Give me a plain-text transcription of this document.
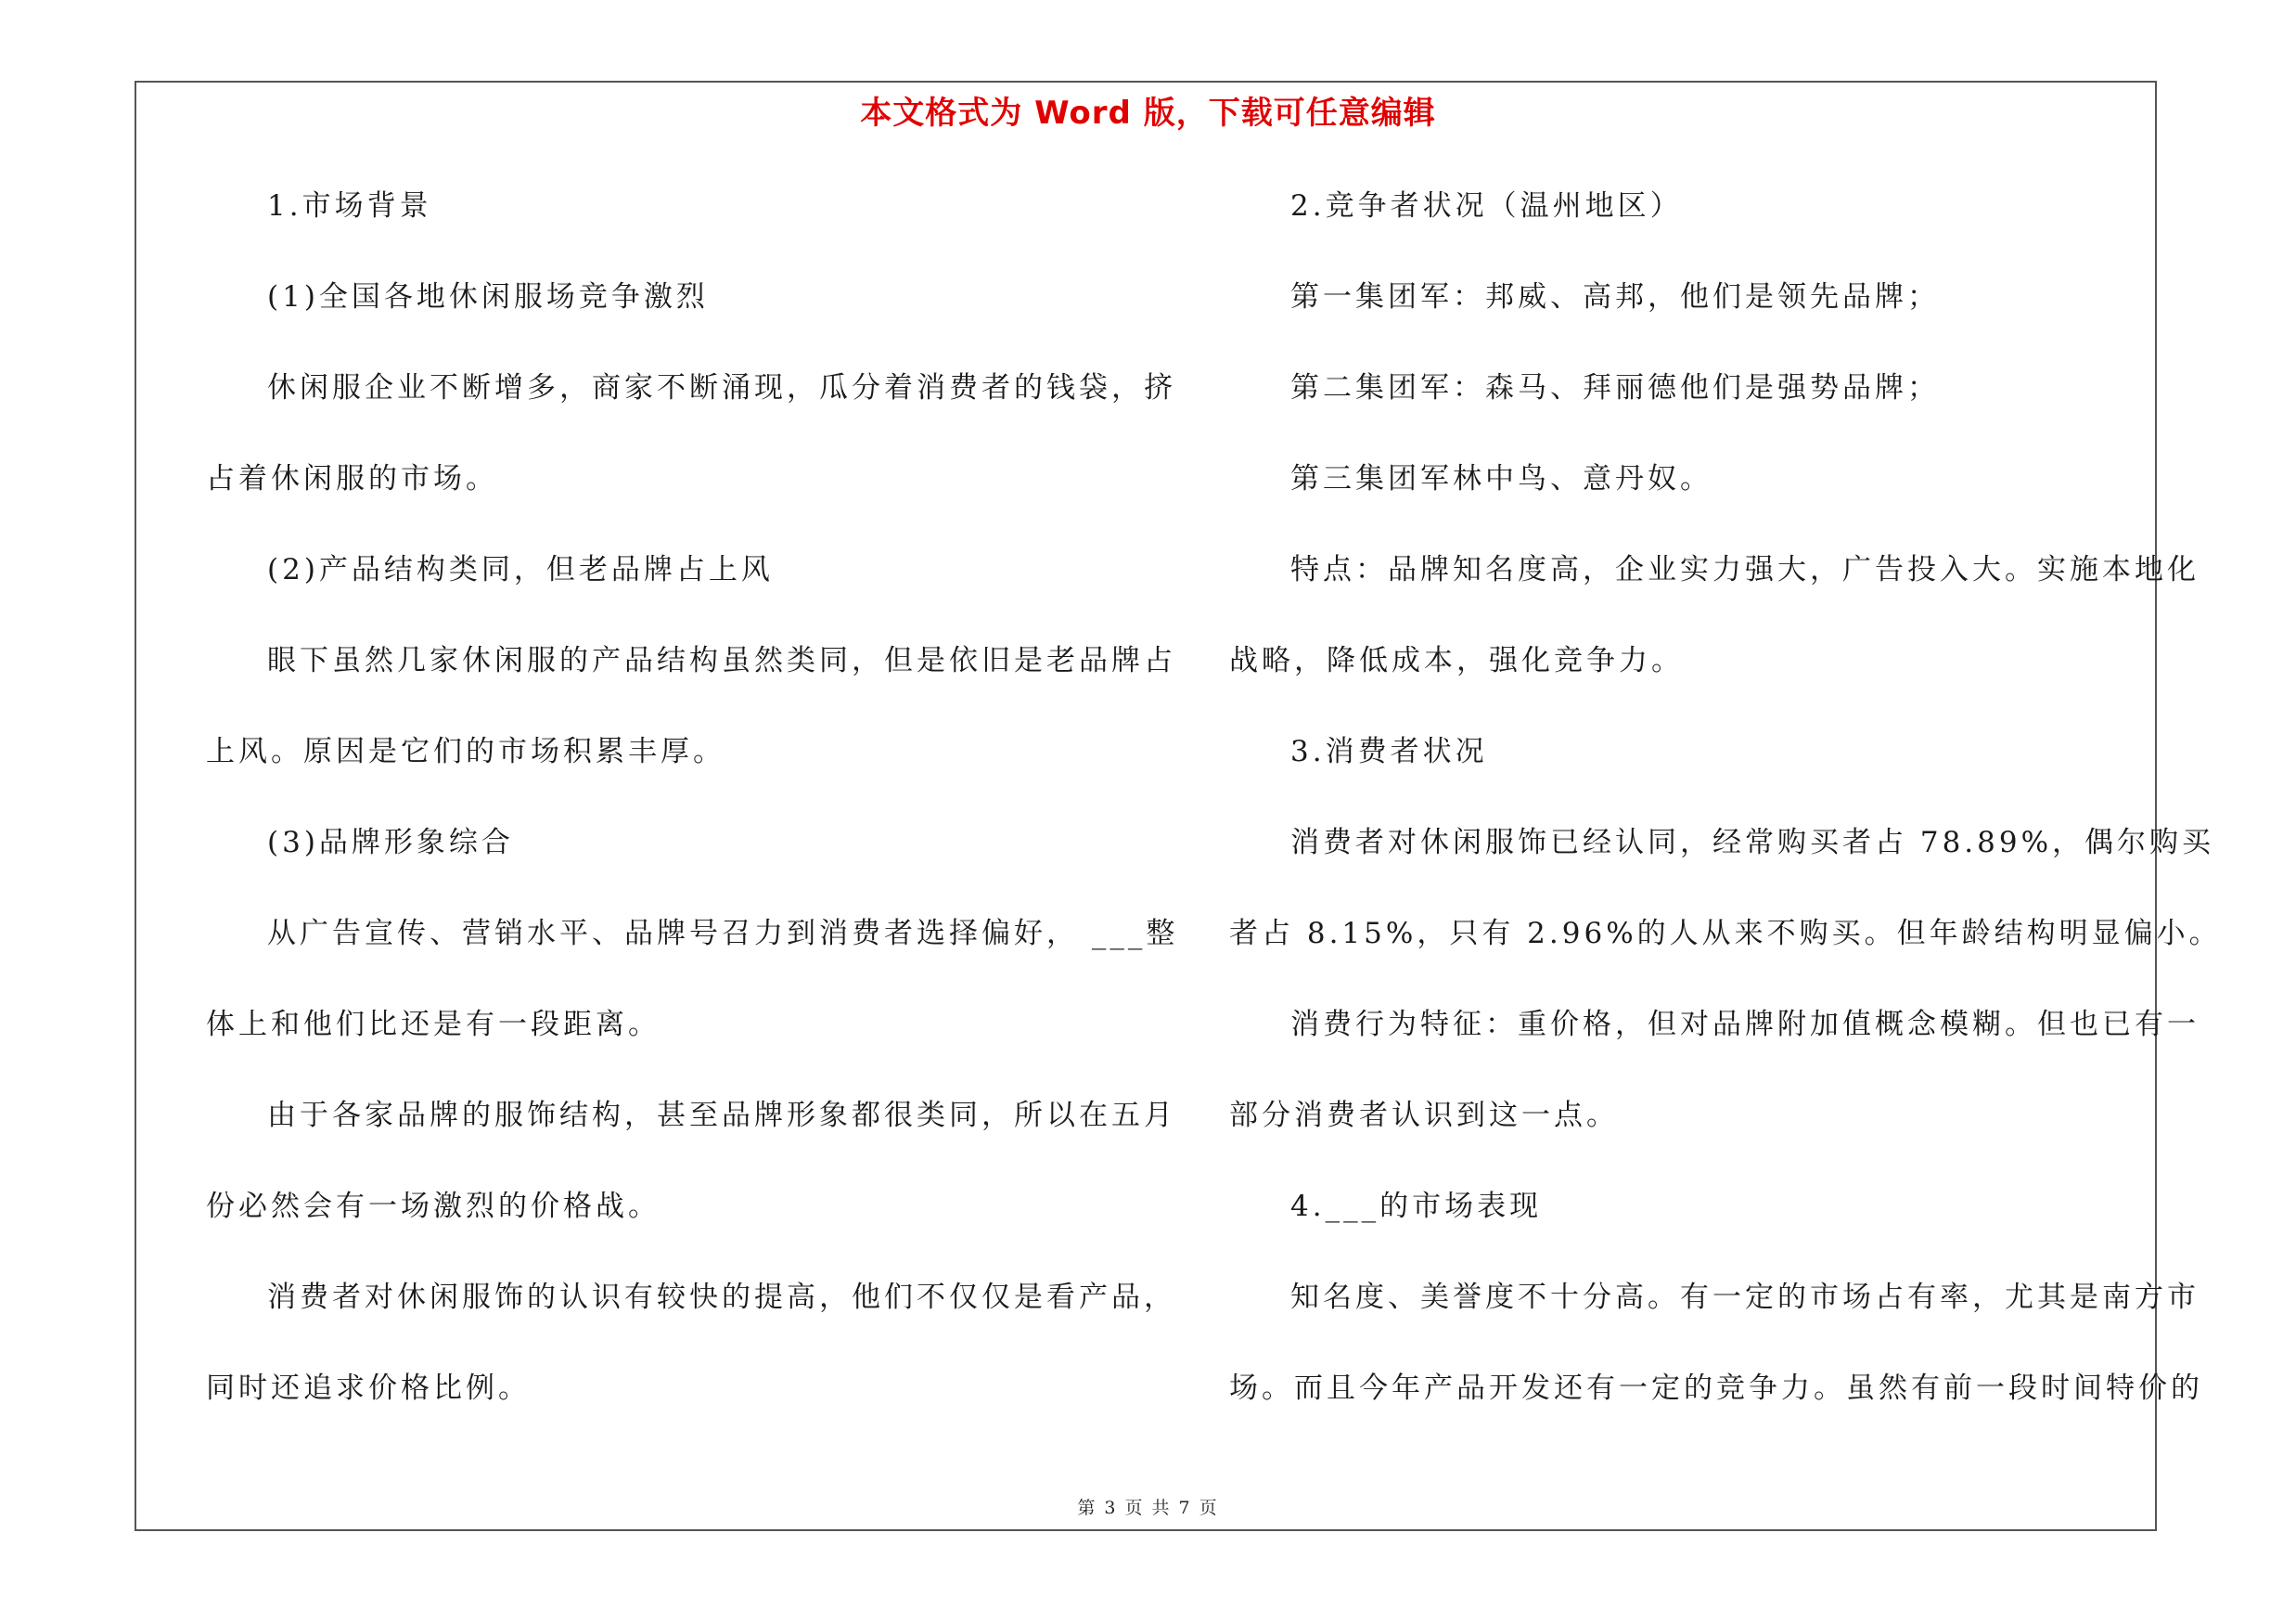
本文格式为 Word 版，下载可任意编辑
1.市场背景
(1)全国各地休闲服场竞争激烈
休闲服企业不断增多，商家不断涌现，瓜分着消费者的钱袋，挤
占着休闲服的市场。
(2)产品结构类同，但老品牌占上风
眼下虽然几家休闲服的产品结构虽然类同，但是依旧是老品牌占
上风。原因是它们的市场积累丰厚。
(3)品牌形象综合
从广告宣传、营销水平、品牌号召力到消费者选择偏好， ___整
体上和他们比还是有一段距离。
由于各家品牌的服饰结构，甚至品牌形象都很类同，所以在五月
份必然会有一场激烈的价格战。
消费者对休闲服饰的认识有较快的提高，他们不仅仅是看产品，
同时还追求价格比例。
2.竞争者状况（温州地区）
第一集团军：邦威、高邦，他们是领先品牌；
第二集团军：森马、拜丽德他们是强势品牌；
第三集团军林中鸟、意丹奴。
特点：品牌知名度高，企业实力强大，广告投入大。实施本地化
战略，降低成本，强化竞争力。
3.消费者状况
消费者对休闲服饰已经认同，经常购买者占 78.89%，偶尔购买
者占 8.15%，只有 2.96%的人从来不购买。但年龄结构明显偏小。
消费行为特征：重价格，但对品牌附加值概念模糊。但也已有一
部分消费者认识到这一点。
4.___的市场表现
知名度、美誉度不十分高。有一定的市场占有率，尤其是南方市
场。而且今年产品开发还有一定的竞争力。虽然有前一段时间特价的
第 3 页 共 7 页
